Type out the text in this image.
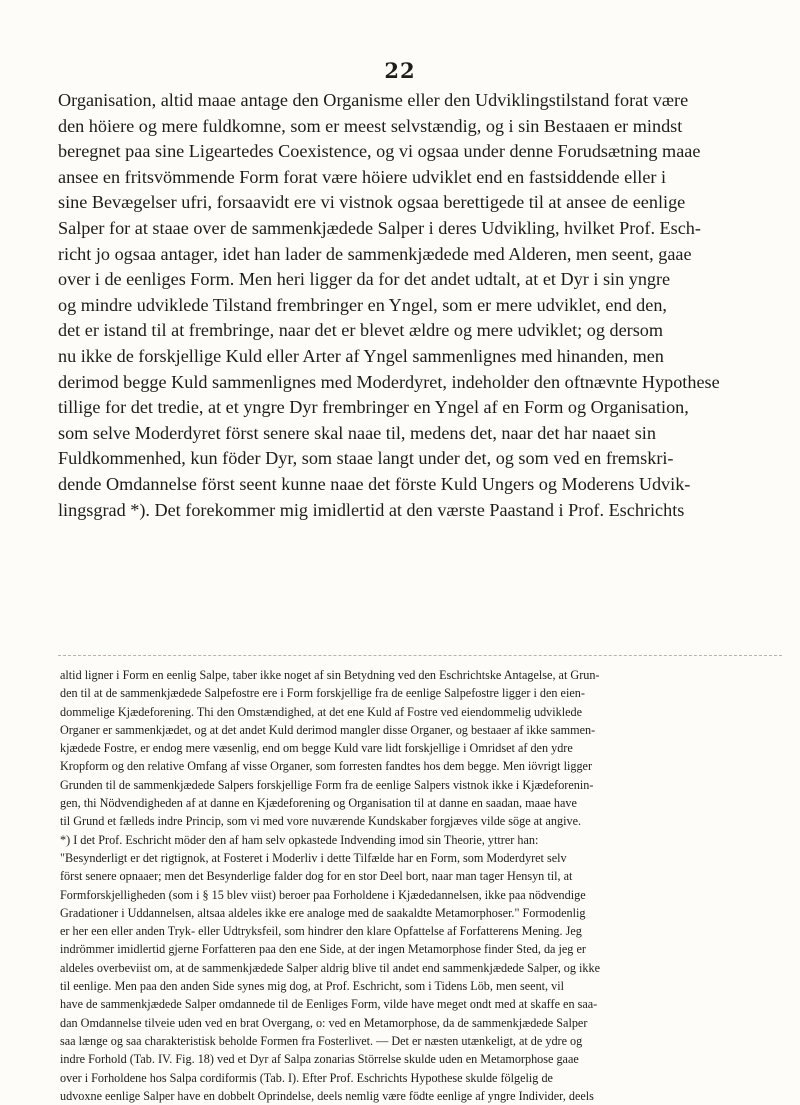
22
Organisation, altid maae antage den Organisme eller den Udviklingstilstand forat være
den höiere og mere fuldkomne, som er meest selvstændig, og i sin Bestaaen er mindst
beregnet paa sine Ligeartedes Coexistence, og vi ogsaa under denne Forudsætning maae
ansee en fritsvömmende Form forat være höiere udviklet end en fastsiddende eller i
sine Bevægelser ufri, forsaavidt ere vi vistnok ogsaa berettigede til at ansee de eenlige
Salper for at staae over de sammenkjædede Salper i deres Udvikling, hvilket Prof. Esch-
richt jo ogsaa antager, idet han lader de sammenkjædede med Alderen, men seent, gaae
over i de eenliges Form. Men heri ligger da for det andet udtalt, at et Dyr i sin yngre
og mindre udviklede Tilstand frembringer en Yngel, som er mere udviklet, end den,
det er istand til at frembringe, naar det er blevet ældre og mere udviklet; og dersom
nu ikke de forskjellige Kuld eller Arter af Yngel sammenlignes med hinanden, men
derimod begge Kuld sammenlignes med Moderdyret, indeholder den oftnævnte Hypothese
tillige for det tredie, at et yngre Dyr frembringer en Yngel af en Form og Organisation,
som selve Moderdyret först senere skal naae til, medens det, naar det har naaet sin
Fuldkommenhed, kun föder Dyr, som staae langt under det, og som ved en fremskri-
dende Omdannelse först seent kunne naae det förste Kuld Ungers og Moderens Udvik-
lingsgrad *). Det forekommer mig imidlertid at den værste Paastand i Prof. Eschrichts
altid ligner i Form en eenlig Salpe, taber ikke noget af sin Betydning ved den Eschrichtske Antagelse, at Grun-
den til at de sammenkjædede Salpefostre ere i Form forskjellige fra de eenlige Salpefostre ligger i den eien-
dommelige Kjædeforening. Thi den Omstændighed, at det ene Kuld af Fostre ved eiendommelig udviklede
Organer er sammenkjædet, og at det andet Kuld derimod mangler disse Organer, og bestaaer af ikke sammen-
kjædede Fostre, er endog mere væsenlig, end om begge Kuld vare lidt forskjellige i Omridset af den ydre
Kropform og den relative Omfang af visse Organer, som forresten fandtes hos dem begge. Men iövrigt ligger
Grunden til de sammenkjædede Salpers forskjellige Form fra de eenlige Salpers vistnok ikke i Kjædeforenin-
gen, thi Nödvendigheden af at danne en Kjædeforening og Organisation til at danne en saadan, maae have
til Grund et fælleds indre Princip, som vi med vore nuværende Kundskaber forgjæves vilde söge at angive.
*) I det Prof. Eschricht möder den af ham selv opkastede Indvending imod sin Theorie, yttrer han:
"Besynderligt er det rigtignok, at Fosteret i Moderliv i dette Tilfælde har en Form, som Moderdyret selv
först senere opnaaer; men det Besynderlige falder dog for en stor Deel bort, naar man tager Hensyn til, at
Formforskjelligheden (som i § 15 blev viist) beroer paa Forholdene i Kjædedannelsen, ikke paa nödvendige
Gradationer i Uddannelsen, altsaa aldeles ikke ere analoge med de saakaldte Metamorphoser." Formodenlig
er her een eller anden Tryk- eller Udtryksfeil, som hindrer den klare Opfattelse af Forfatterens Mening. Jeg
indrömmer imidlertid gjerne Forfatteren paa den ene Side, at der ingen Metamorphose finder Sted, da jeg er
aldeles overbeviist om, at de sammenkjædede Salper aldrig blive til andet end sammenkjædede Salper, og ikke
til eenlige. Men paa den anden Side synes mig dog, at Prof. Eschricht, som i Tidens Löb, men seent, vil
have de sammenkjædede Salper omdannede til de Eenliges Form, vilde have meget ondt med at skaffe en saa-
dan Omdannelse tilveie uden ved en brat Overgang, o: ved en Metamorphose, da de sammenkjædede Salper
saa længe og saa charakteristisk beholde Formen fra Fosterlivet. — Det er næsten utænkeligt, at de ydre og
indre Forhold (Tab. IV. Fig. 18) ved et Dyr af Salpa zonarias Störrelse skulde uden en Metamorphose gaae
over i Forholdene hos Salpa cordiformis (Tab. I). Efter Prof. Eschrichts Hypothese skulde fölgelig de
udvoxne eenlige Salper have en dobbelt Oprindelse, deels nemlig være födte eenlige af yngre Individer, deels
